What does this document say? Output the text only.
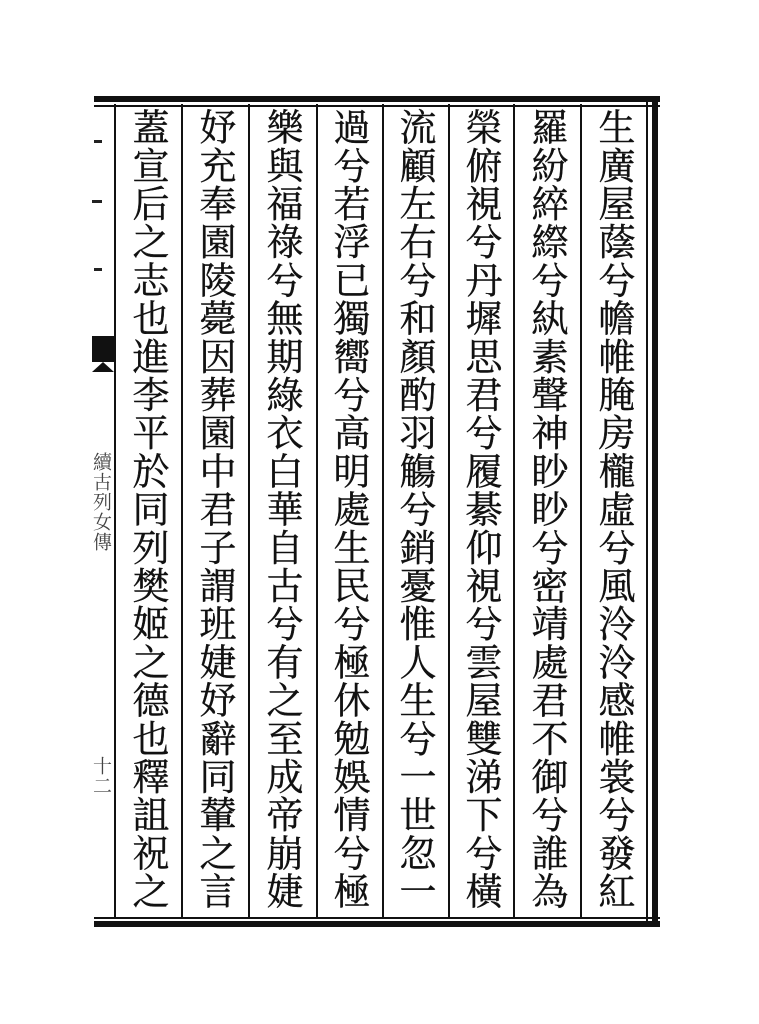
生廣屋蔭兮幨帷腌房櫳虛兮風泠泠感帷裳兮發紅
羅紛綷縩兮紈素聲神眇眇兮密靖處君不御兮誰為
榮俯視兮丹墀思君兮履綦仰視兮雲屋雙涕下兮橫
流顧左右兮和顏酌羽觴兮銷憂惟人生兮一世忽一
過兮若浮已獨嚮兮高明處生民兮極休勉娛情兮極
樂與福祿兮無期綠衣白華自古兮有之至成帝崩婕
妤充奉園陵薨因葬園中君子謂班婕妤辭同輦之言
蓋宣后之志也進李平於同列樊姬之德也釋詛祝之
續古列女傳
十二
